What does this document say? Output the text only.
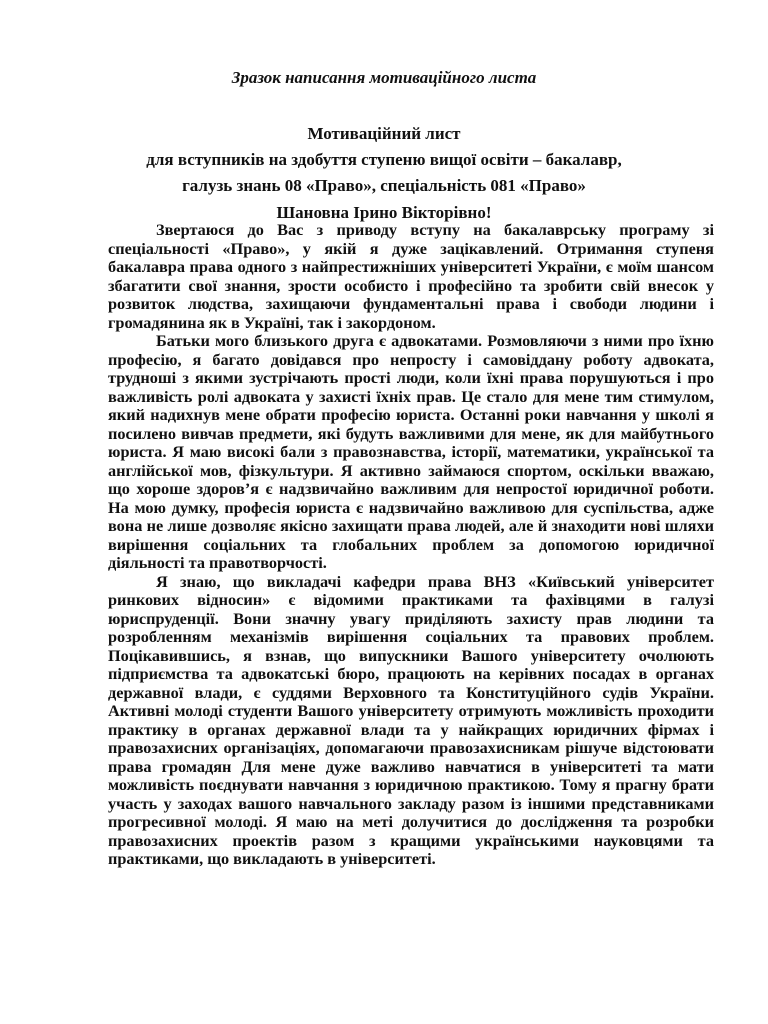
Зразок написання мотиваційного листа

Мотиваційний лист

для вступників на здобуття ступеню вищої освіти – бакалавр,

галузь знань 08 «Право», спеціальність 081 «Право»

Шановна Ірино Вікторівно!

Звертаюся до Вас з приводу вступу на бакалаврську програму зі спеціальності «Право», у якій я дуже зацікавлений. Отримання ступеня бакалавра права одного з найпрестижніших університеті України, є моїм шансом збагатити свої знання, зрости особисто і професійно та зробити свій внесок у розвиток людства, захищаючи фундаментальні права і свободи людини і громадянина як в Україні, так і закордоном.

Батьки мого близького друга є адвокатами. Розмовляючи з ними про їхню професію, я багато довідався про непросту і самовіддану роботу адвоката, трудноші з якими зустрічають прості люди, коли їхні права порушуються і про важливість ролі адвоката у захисті їхніх прав. Це стало для мене тим стимулом, який надихнув мене обрати професію юриста. Останні роки навчання у школі я посилено вивчав предмети, які будуть важливими для мене, як для майбутнього юриста. Я маю високі бали з правознавства, історії, математики, української та англійської мов, фізкультури. Я активно займаюся спортом, оскільки вважаю, що хороше здоров’я є надзвичайно важливим для непростої юридичної роботи. На мою думку, професія юриста є надзвичайно важливою для суспільства, адже вона не лише дозволяє якісно захищати права людей, але й знаходити нові шляхи вирішення соціальних та глобальних проблем за допомогою юридичної діяльності та правотворчості.

Я знаю, що викладачі кафедри права ВНЗ «Київський університет ринкових відносин» є відомими практиками та фахівцями в галузі юриспруденції. Вони значну увагу приділяють захисту прав людини та розробленням механізмів вирішення соціальних та правових проблем. Поцікавившись, я взнав, що випускники Вашого університету очолюють підприємства та адвокатські бюро, працюють на керівних посадах в органах державної влади, є суддями Верховного та Конституційного судів України. Активні молоді студенти Вашого університету отримують можливість проходити практику в органах державної влади та у найкращих юридичних фірмах і правозахисних організаціях, допомагаючи правозахисникам рішуче відстоювати права громадян Для мене дуже важливо навчатися в університеті та мати можливість поєднувати навчання з юридичною практикою. Тому я прагну брати участь у заходах вашого навчального закладу разом із іншими представниками прогресивної молоді. Я маю на меті долучитися до дослідження та розробки правозахисних проектів разом з кращими українськими науковцями та практиками, що викладають в університеті.
